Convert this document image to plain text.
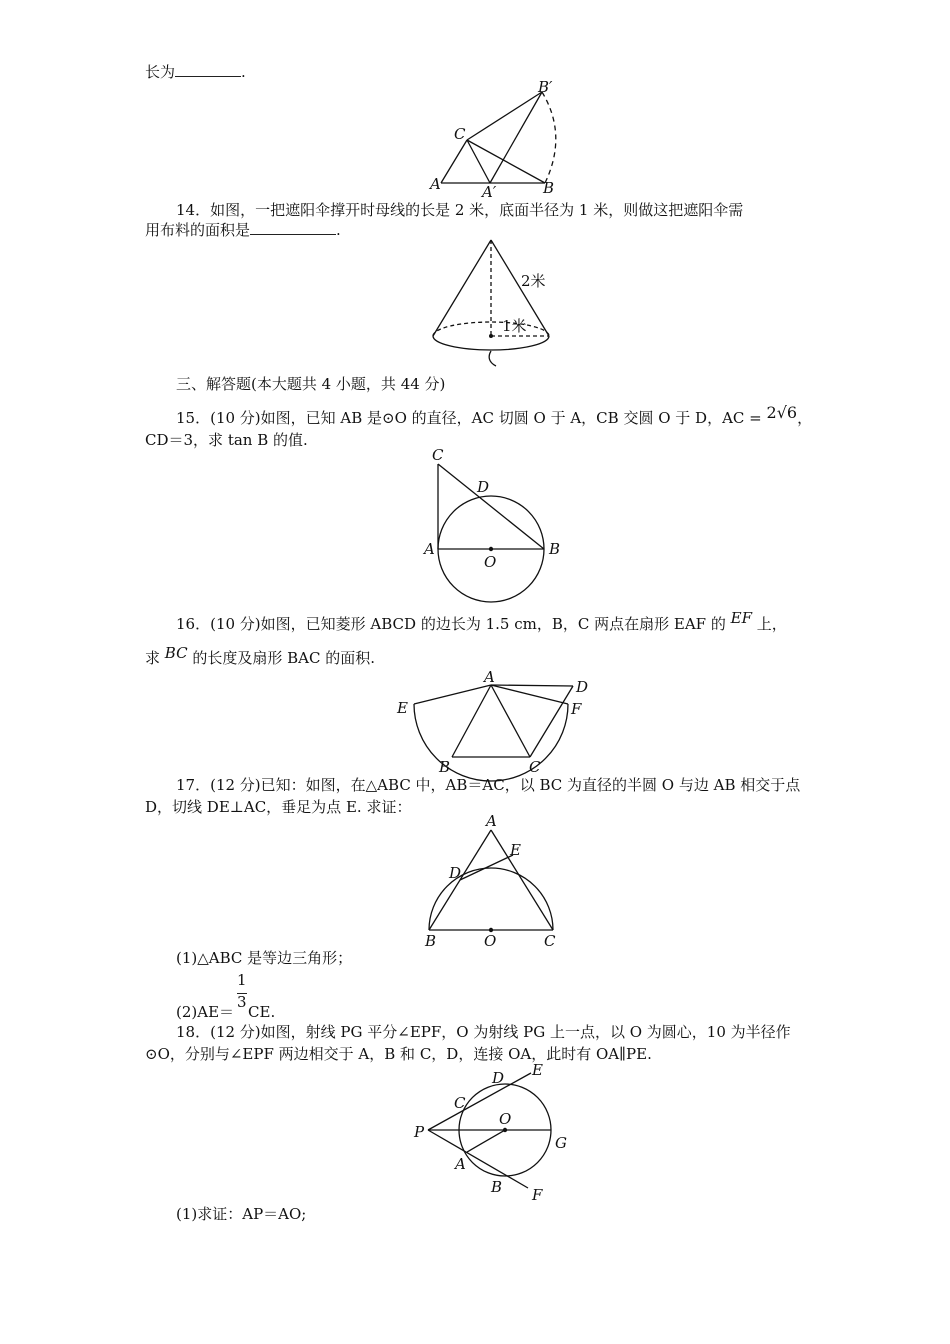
长为	.
A	A′	B
B′
C
14．如图，一把遮阳伞撑开时母线的长是 2 米，底面半径为 1 米，则做这把遮阳伞需
用布料的面积是	.
2米
1米
三、解答题(本大题共 4 小题，共 44 分)
15．(10 分)如图，已知 AB 是⊙O 的直径，AC 切圆 O 于 A，CB 交圆 O 于 D，AC = 2√6，
CD＝3，求 tan B 的值.
C
D
A
O
B
16．(10 分)如图，已知菱形 ABCD 的边长为 1.5 cm，B，C 两点在扇形 EAF 的 EF 上，
求 BC 的长度及扇形 BAC 的面积.
A
D
E	F
B	C
17．(12 分)已知：如图，在△ABC 中，AB＝AC，以 BC 为直径的半圆 O 与边 AB 相交于点
D，切线 DE⊥AC，垂足为点 E. 求证：
A
E
D
B	O	C
(1)△ABC 是等边三角形；
(2)AE＝ CE.
1
3
18．(12 分)如图，射线 PG 平分∠EPF，O 为射线 PG 上一点，以 O 为圆心，10 为半径作
⊙O，分别与∠EPF 两边相交于 A，B 和 C，D，连接 OA，此时有 OA∥PE.
D E
C
O
P
G
A
B F
(1)求证：AP＝AO;
